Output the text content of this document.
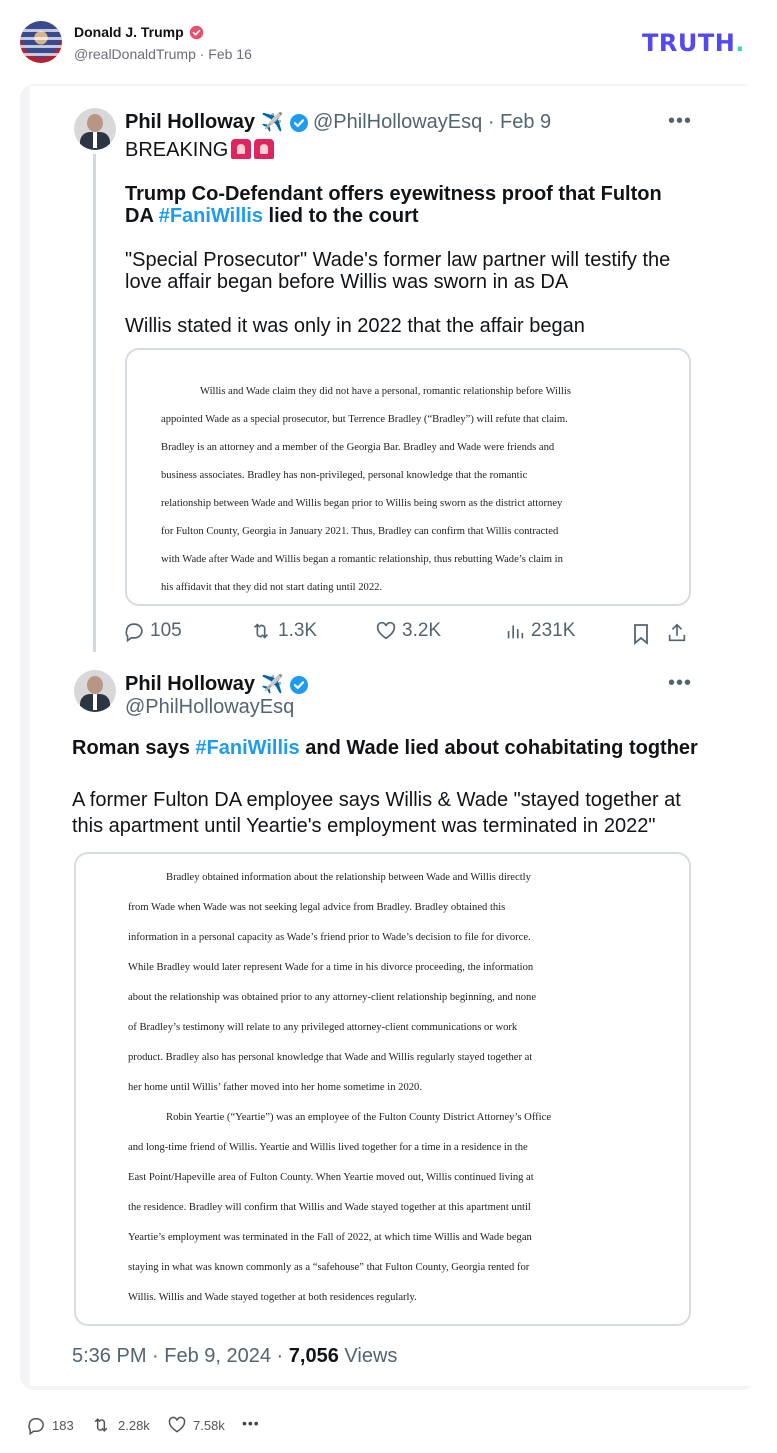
Donald J. Trump
@realDonaldTrump · Feb 16	TRUTH.
Phil Holloway ✈️ @PhilHollowayEsq · Feb 9	•••
BREAKING
Trump Co-Defendant offers eyewitness proof that Fulton
DA #FaniWillis lied to the court
"Special Prosecutor" Wade's former law partner will testify the
love affair began before Willis was sworn in as DA
Willis stated it was only in 2022 that the affair began

Willis and Wade claim they did not have a personal, romantic relationship before Willis

appointed Wade as a special prosecutor, but Terrence Bradley (“Bradley”) will refute that claim.

Bradley is an attorney and a member of the Georgia Bar. Bradley and Wade were friends and

business associates. Bradley has non-privileged, personal knowledge that the romantic

relationship between Wade and Willis began prior to Willis being sworn as the district attorney

for Fulton County, Georgia in January 2021. Thus, Bradley can confirm that Willis contracted

with Wade after Wade and Willis began a romantic relationship, thus rebutting Wade’s claim in

his affidavit that they did not start dating until 2022.

105	1.3K	3.2K	231K
Phil Holloway ✈️
@PhilHollowayEsq
•••
Roman says #FaniWillis and Wade lied about cohabitating togther
A former Fulton DA employee says Willis & Wade "stayed together at
this apartment until Yeartie's employment was terminated in 2022"

Bradley obtained information about the relationship between Wade and Willis directly

from Wade when Wade was not seeking legal advice from Bradley. Bradley obtained this

information in a personal capacity as Wade’s friend prior to Wade’s decision to file for divorce.

While Bradley would later represent Wade for a time in his divorce proceeding, the information

about the relationship was obtained prior to any attorney-client relationship beginning, and none

of Bradley’s testimony will relate to any privileged attorney-client communications or work

product. Bradley also has personal knowledge that Wade and Willis regularly stayed together at

her home until Willis’ father moved into her home sometime in 2020.

Robin Yeartie (“Yeartie”) was an employee of the Fulton County District Attorney’s Office

and long-time friend of Willis. Yeartie and Willis lived together for a time in a residence in the

East Point/Hapeville area of Fulton County. When Yeartie moved out, Willis continued living at

the residence. Bradley will confirm that Willis and Wade stayed together at this apartment until

Yeartie’s employment was terminated in the Fall of 2022, at which time Willis and Wade began

staying in what was known commonly as a “safehouse” that Fulton County, Georgia rented for

Willis. Willis and Wade stayed together at both residences regularly.

5:36 PM · Feb 9, 2024 · 7,056 Views
183	2.28k	7.58k •••
